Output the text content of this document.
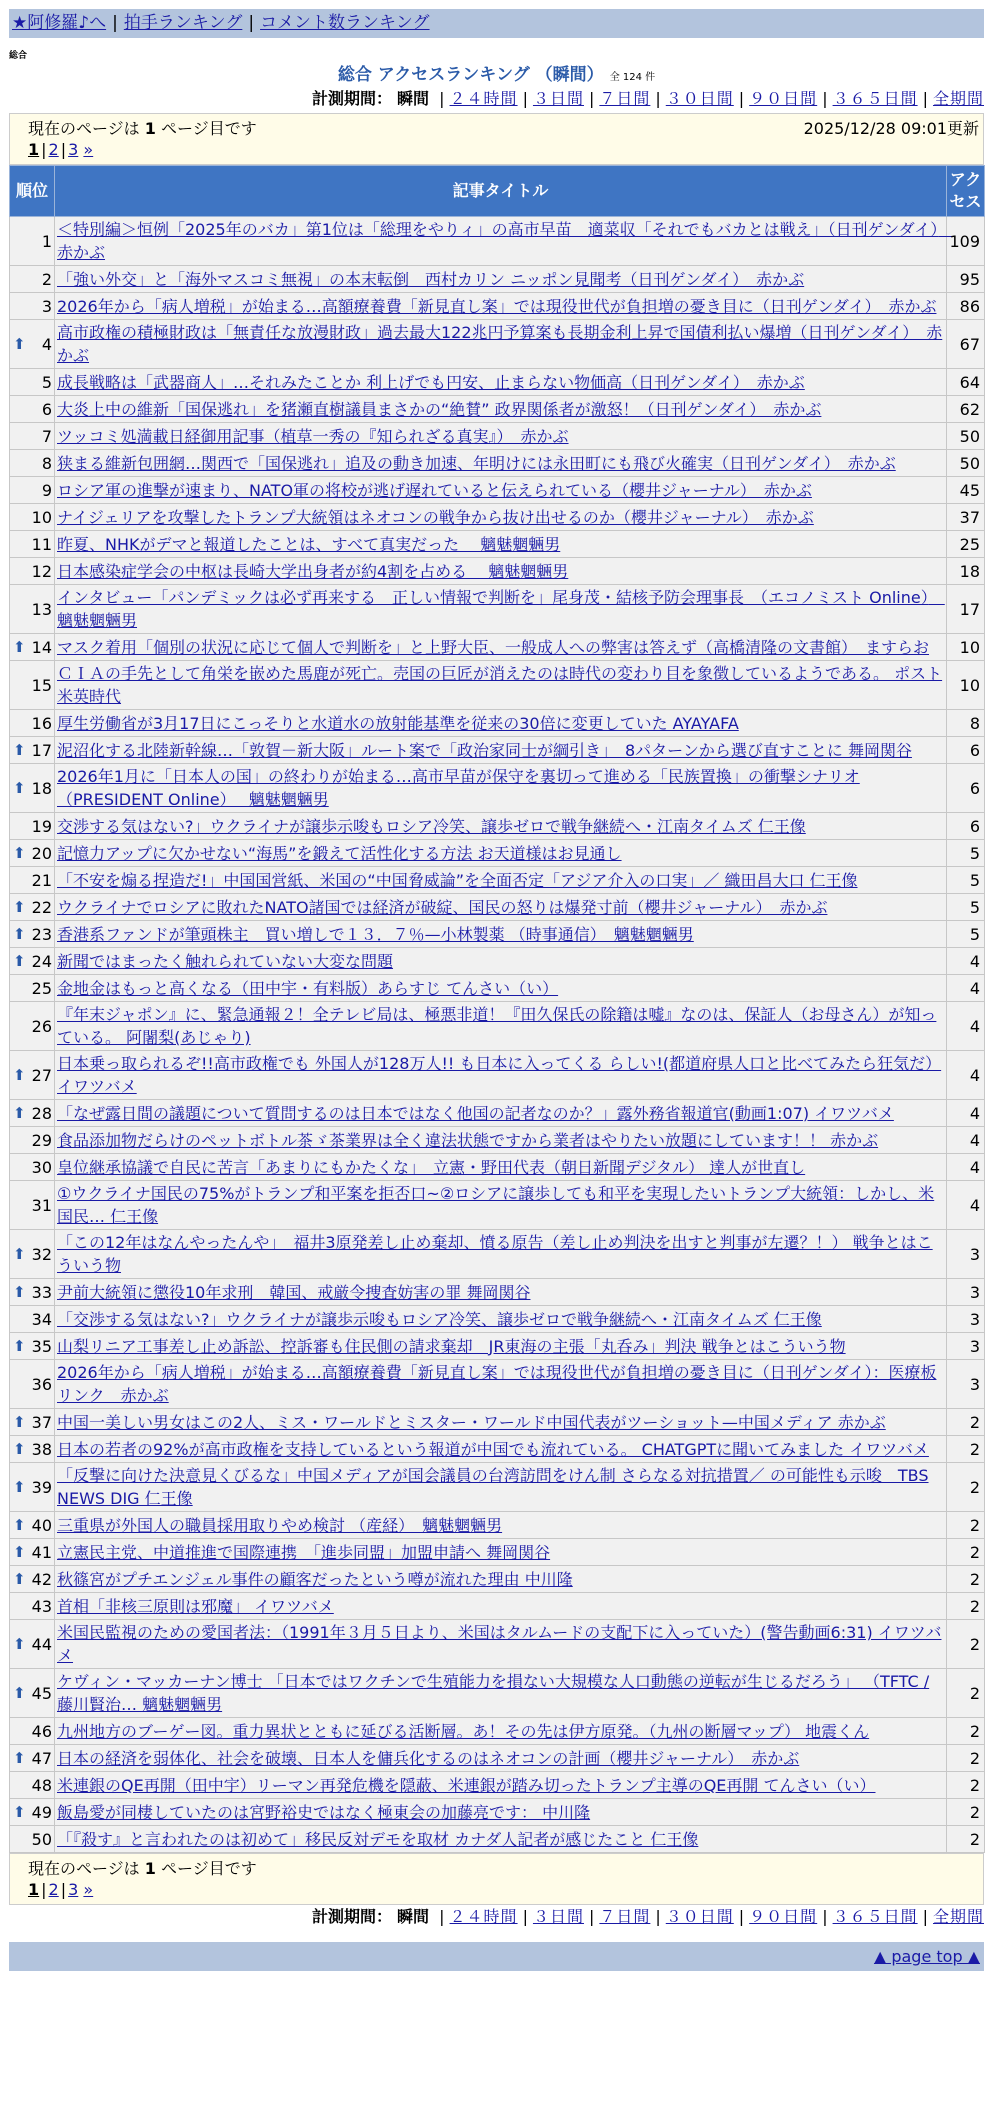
★阿修羅♪へ | 拍手ランキング | コメント数ランキング
総合
総合 アクセスランキング （瞬間） 全 124 件
計測期間： 瞬間 | ２４時間 | ３日間 | ７日間 | ３０日間 | ９０日間 | ３６５日間 | 全期間
現在のページは 1 ページ目です	2025/12/28 09:01更新
1 | 2 | 3 »
順位	記事タイトル	アクセス
1	＜特別編＞恒例「2025年のバカ」第1位は「総理をやりィ」の高市早苗　適菜収「それでもバカとは戦え」（日刊ゲンダイ）　赤かぶ	109
2	「強い外交」と「海外マスコミ無視」の本末転倒　西村カリン ニッポン見聞考（日刊ゲンダイ）　赤かぶ	95
3	2026年から「病人増税」が始まる…高額療養費「新見直し案」では現役世代が負担増の憂き目に（日刊ゲンダイ）　赤かぶ	86

⬆ 4	高市政権の積極財政は「無責任な放漫財政」過去最大122兆円予算案も長期金利上昇で国債利払い爆増（日刊ゲンダイ）　赤かぶ	67
5	成長戦略は「武器商人」…それみたことか 利上げでも円安、止まらない物価高（日刊ゲンダイ）　赤かぶ	64
6	大炎上中の維新「国保逃れ」を猪瀬直樹議員まさかの“絶賛” 政界関係者が激怒！（日刊ゲンダイ）　赤かぶ	62
7	ツッコミ処満載日経御用記事（植草一秀の『知られざる真実』）　赤かぶ	50
8	狭まる維新包囲網…関西で「国保逃れ」追及の動き加速、年明けには永田町にも飛び火確実（日刊ゲンダイ）　赤かぶ	50
9	ロシア軍の進撃が速まり、NATO軍の将校が逃げ遅れていると伝えられている（櫻井ジャーナル）　赤かぶ	45
10	ナイジェリアを攻撃したトランプ大統領はネオコンの戦争から抜け出せるのか（櫻井ジャーナル）　赤かぶ	37
11	昨夏、NHKがデマと報道したことは、すべて真実だった　 魑魅魍魎男	25
12	日本感染症学会の中枢は長崎大学出身者が約4割を占める　 魑魅魍魎男	18
13	インタビュー「パンデミックは必ず再来する　正しい情報で判断を」尾身茂・結核予防会理事長　（エコノミスト Online）　魑魅魍魎男	17

⬆ 14	マスク着用「個別の状況に応じて個人で判断を」と上野大臣、一般成人への弊害は答えず（高橋清隆の文書館）　ますらお	10
15	ＣＩＡの手先として角栄を嵌めた馬鹿が死亡。売国の巨匠が消えたのは時代の変わり目を象徴しているようである。 ポスト米英時代	10
16	厚生労働省が3月17日にこっそりと水道水の放射能基準を従来の30倍に変更していた AYAYAFA	8

⬆ 17	泥沼化する北陸新幹線…「敦賀－新大阪」ルート案で「政治家同士が綱引き」　8パターンから選び直すことに 舞岡関谷	6

⬆ 18	2026年1月に「日本人の国」の終わりが始まる…高市早苗が保守を裏切って進める「民族置換」の衝撃シナリオ （PRESIDENT Online）　 魑魅魍魎男	6
19	交渉する気はない?」ウクライナが譲歩示唆もロシア冷笑、譲歩ゼロで戦争継続へ・江南タイムズ 仁王像	6

⬆ 20	記憶力アップに欠かせない“海馬”を鍛えて活性化する方法 お天道様はお見通し	5
21	「不安を煽る捏造だ!」中国国営紙、米国の“中国脅威論”を全面否定「アジア介入の口実」／ 織田昌大口 仁王像	5

⬆ 22	ウクライナでロシアに敗れたNATO諸国では経済が破綻、国民の怒りは爆発寸前（櫻井ジャーナル）　赤かぶ	5

⬆ 23	香港系ファンドが筆頭株主　買い増しで１３．７％—小林製薬 （時事通信）　魑魅魍魎男	5

⬆ 24	新聞ではまったく触れられていない大変な問題	4
25	金地金はもっと高くなる（田中宇・有料版）あらすじ てんさい（い）	4
26	『年末ジャポン』に、緊急通報２！全テレビ局は、極悪非道！『田久保氏の除籍は嘘』なのは、保証人（お母さん）が知っている。 阿闍梨(あじゃり)	4

⬆ 27	日本乗っ取られるぞ!!高市政権でも 外国人が128万人!! も日本に入ってくる らしい!(都道府県人口と比べてみたら狂気だ） イワツバメ	4

⬆ 28	「なぜ露日間の議題について質問するのは日本ではなく他国の記者なのか？」露外務省報道官(動画1:07) イワツバメ	4
29	食品添加物だらけのペットボトル茶ゞ茶業界は全く違法状態ですから業者はやりたい放題にしています！！ 赤かぶ	4
30	皇位継承協議で自民に苦言「あまりにもかたくな」　立憲・野田代表（朝日新聞デジタル） 達人が世直し	4
31	①ウクライナ国民の75%がトランプ和平案を拒否口~②ロシアに譲歩しても和平を実現したいトランプ大統領：しかし、米国民… 仁王像	4

⬆ 32	「この12年はなんやったんや」　福井3原発差し止め棄却、憤る原告（差し止め判決を出すと判事が左遷？！） 戦争とはこういう物	3

⬆ 33	尹前大統領に懲役10年求刑　韓国、戒厳令捜査妨害の罪 舞岡関谷	3
34	「交渉する気はない?」ウクライナが譲歩示唆もロシア冷笑、譲歩ゼロで戦争継続へ・江南タイムズ 仁王像	3

⬆ 35	山梨リニア工事差し止め訴訟、控訴審も住民側の請求棄却　JR東海の主張「丸呑み」判決 戦争とはこういう物	3
36	2026年から「病人増税」が始まる…高額療養費「新見直し案」では現役世代が負担増の憂き目に（日刊ゲンダイ）：医療板リンク　赤かぶ	3

⬆ 37	中国一美しい男女はこの2人、ミス・ワールドとミスター・ワールド中国代表がツーショット—中国メディア 赤かぶ	2

⬆ 38	日本の若者の92%が高市政権を支持しているという報道が中国でも流れている。 CHATGPTに聞いてみました イワツバメ	2

⬆ 39	「反撃に向けた決意見くびるな」中国メディアが国会議員の台湾訪問をけん制 さらなる対抗措置／ の可能性も示唆　TBS NEWS DIG 仁王像	2

⬆ 40	三重県が外国人の職員採用取りやめ検討 （産経）　魑魅魍魎男	2

⬆ 41	立憲民主党、中道推進で国際連携　「進歩同盟」加盟申請へ 舞岡関谷	2

⬆ 42	秋篠宮がプチエンジェル事件の顧客だったという噂が流れた理由 中川隆	2
43	首相「非核三原則は邪魔」 イワツバメ	2

⬆ 44	米国民監視のための愛国者法：（1991年３月５日より、米国はタルムードの支配下に入っていた）(警告動画6:31) イワツバメ	2

⬆ 45	ケヴィン・マッカーナン博士 「日本ではワクチンで生殖能力を損ない大規模な人口動態の逆転が生じるだろう」 （TFTC / 藤川賢治… 魑魅魍魎男	2
46	九州地方のブーゲー図。重力異状とともに延びる活断層。あ！その先は伊方原発。（九州の断層マップ） 地震くん	2

⬆ 47	日本の経済を弱体化、社会を破壊、日本人を傭兵化するのはネオコンの計画（櫻井ジャーナル）　赤かぶ	2
48	米連銀のQE再開（田中宇）リーマン再発危機を隠蔽、米連銀が踏み切ったトランプ主導のQE再開 てんさい（い）	2

⬆ 49	飯島愛が同棲していたのは宮野裕史ではなく極東会の加藤亮です： 中川隆	2
50	「『殺す』と言われたのは初めて」移民反対デモを取材 カナダ人記者が感じたこと 仁王像	2
現在のページは 1 ページ目です
1 | 2 | 3 »
計測期間： 瞬間 | ２４時間 | ３日間 | ７日間 | ３０日間 | ９０日間 | ３６５日間 | 全期間
▲ page top ▲
